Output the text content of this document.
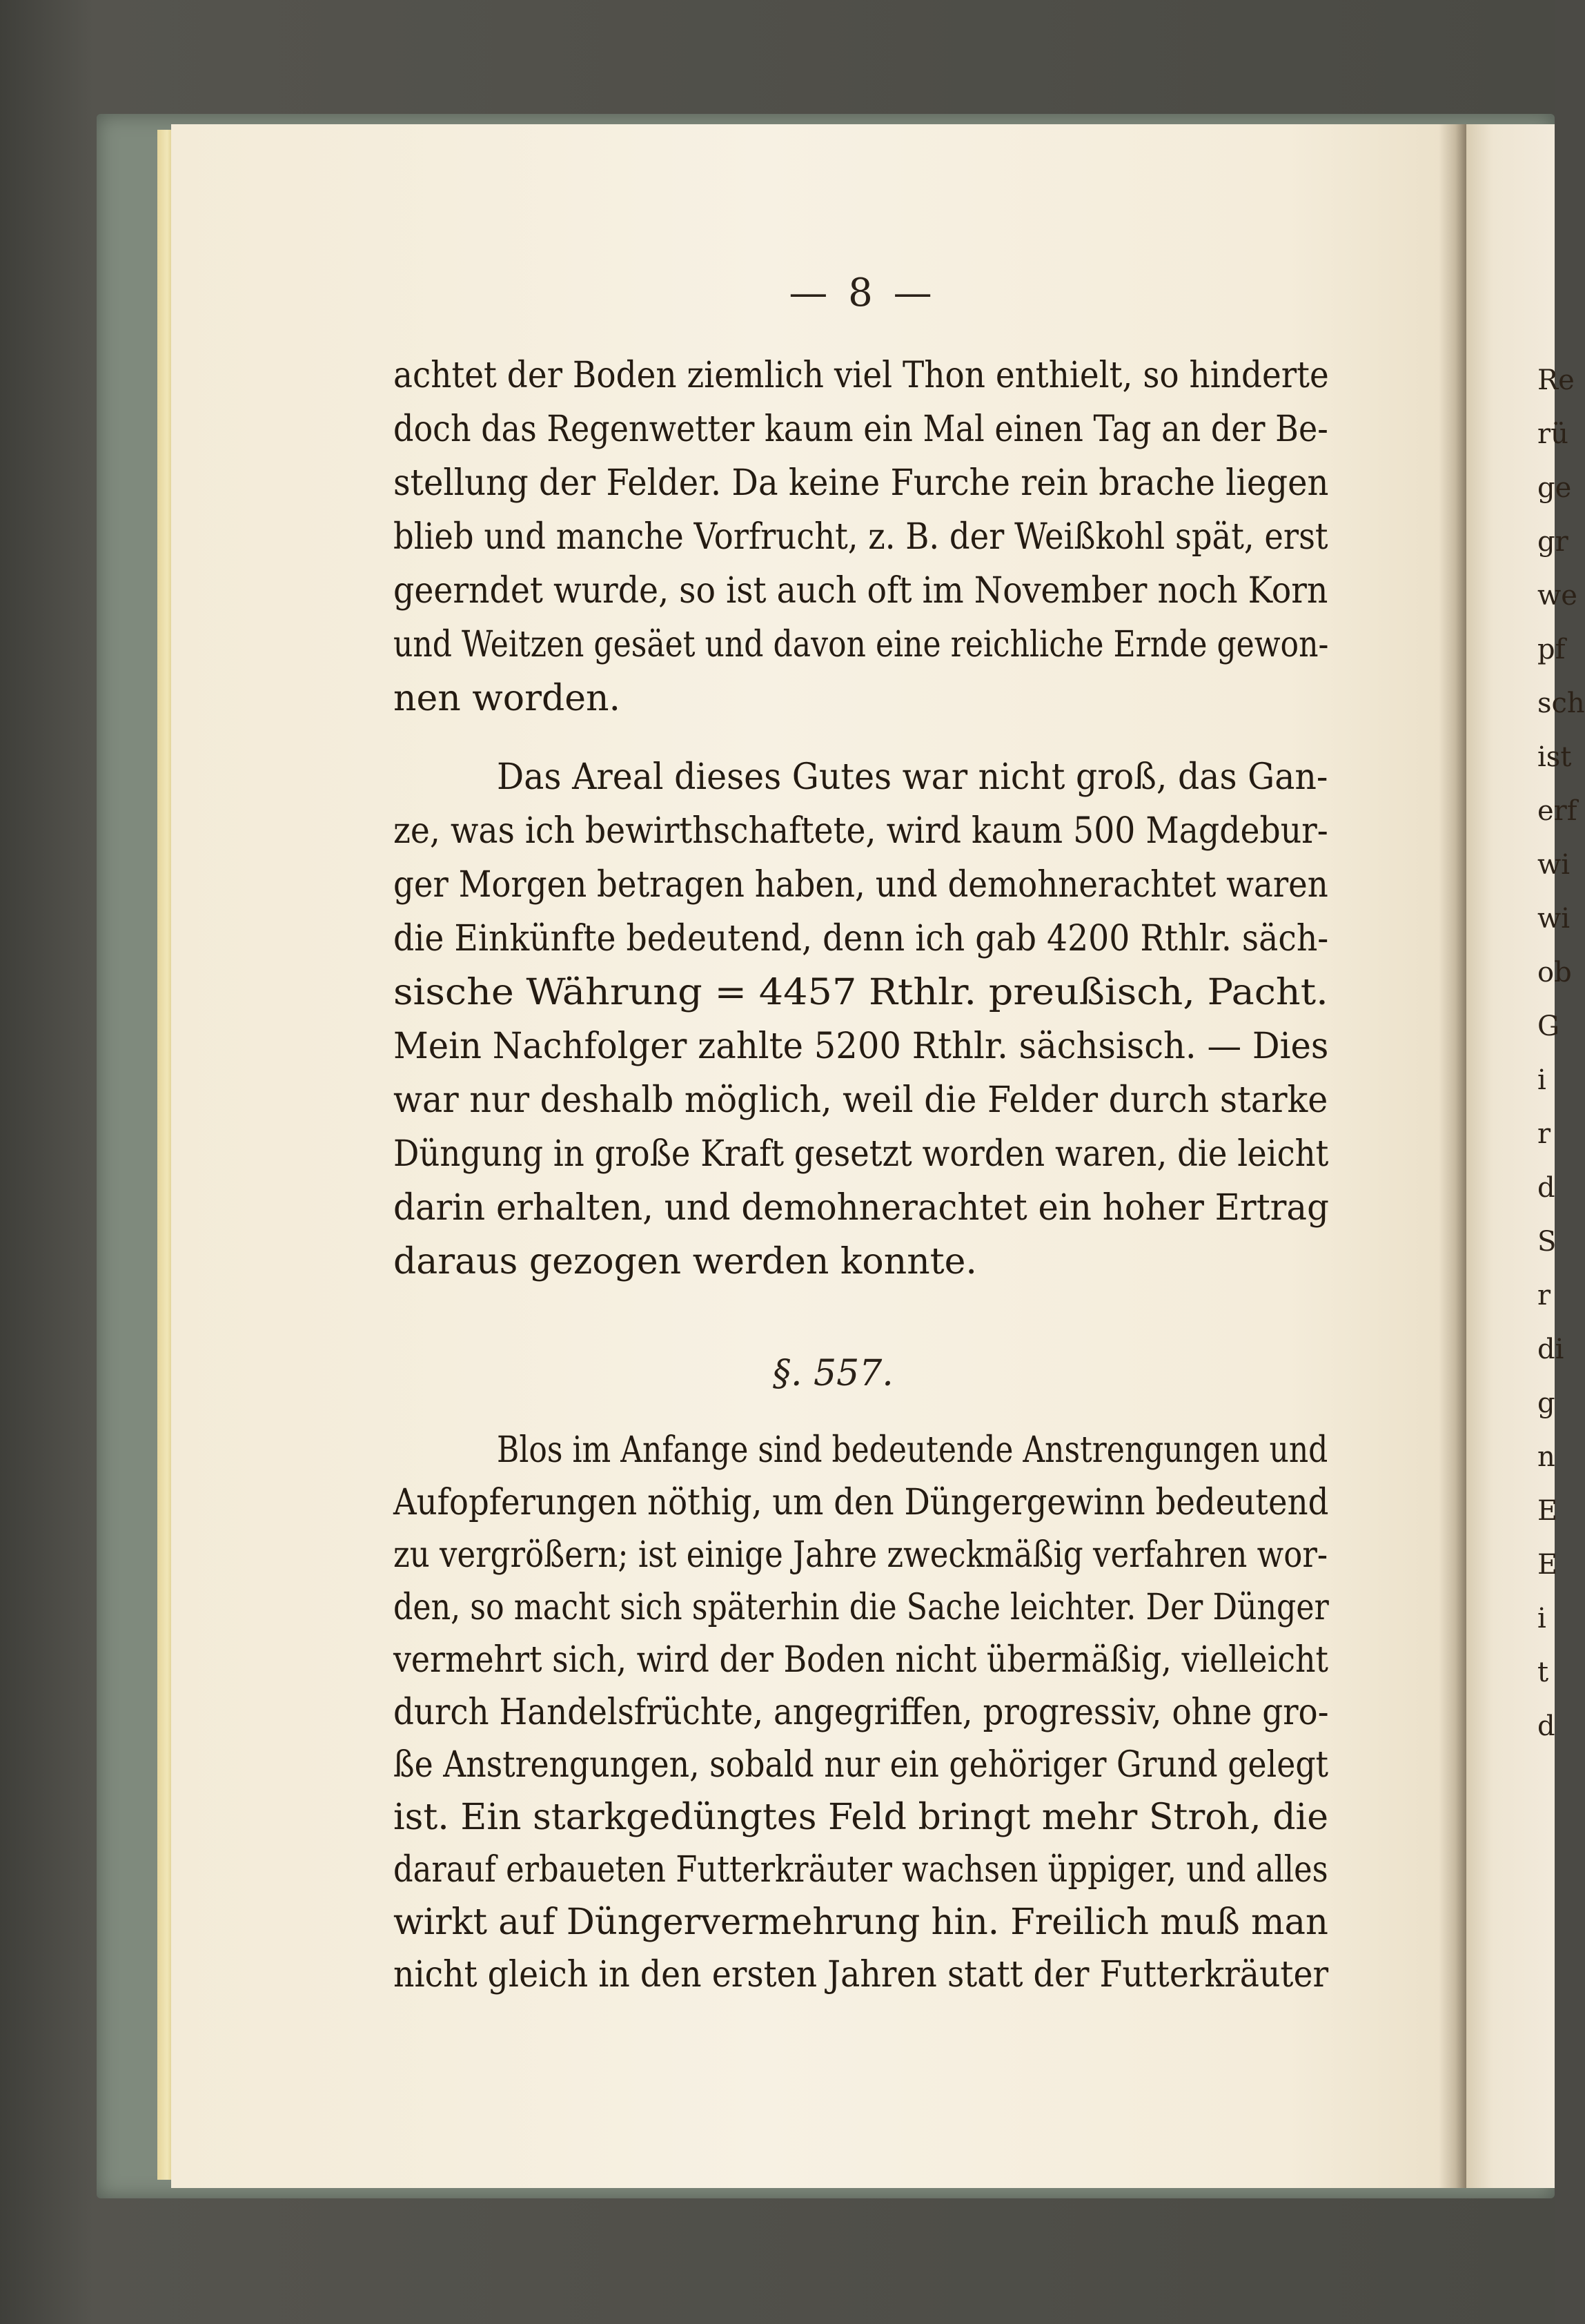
Re
rü
ge
gr
we
pf
sch
ist
erf
wi
wi
ob
G
i
r
d
S
r
di
g
n
E
E
i
t
d
— 8 —
achtet der Boden ziemlich viel Thon enthielt, so hinderte
doch das Regenwetter kaum ein Mal einen Tag an der Be-
stellung der Felder. Da keine Furche rein brache liegen
blieb und manche Vorfrucht, z. B. der Weißkohl spät, erst
geerndet wurde, so ist auch oft im November noch Korn
und Weitzen gesäet und davon eine reichliche Ernde gewon-
nen worden.
Das Areal dieses Gutes war nicht groß, das Gan-
ze, was ich bewirthschaftete, wird kaum 500 Magdebur-
ger Morgen betragen haben, und demohnerachtet waren
die Einkünfte bedeutend, denn ich gab 4200 Rthlr. säch-
sische Währung = 4457 Rthlr. preußisch, Pacht.
Mein Nachfolger zahlte 5200 Rthlr. sächsisch. — Dies
war nur deshalb möglich, weil die Felder durch starke
Düngung in große Kraft gesetzt worden waren, die leicht
darin erhalten, und demohnerachtet ein hoher Ertrag
daraus gezogen werden konnte.
Blos im Anfange sind bedeutende Anstrengungen und
Aufopferungen nöthig, um den Düngergewinn bedeutend
zu vergrößern; ist einige Jahre zweckmäßig verfahren wor-
den, so macht sich späterhin die Sache leichter. Der Dünger
vermehrt sich, wird der Boden nicht übermäßig, vielleicht
durch Handelsfrüchte, angegriffen, progressiv, ohne gro-
ße Anstrengungen, sobald nur ein gehöriger Grund gelegt
ist. Ein starkgedüngtes Feld bringt mehr Stroh, die
darauf erbaueten Futterkräuter wachsen üppiger, und alles
wirkt auf Düngervermehrung hin. Freilich muß man
nicht gleich in den ersten Jahren statt der Futterkräuter
§. 557.
